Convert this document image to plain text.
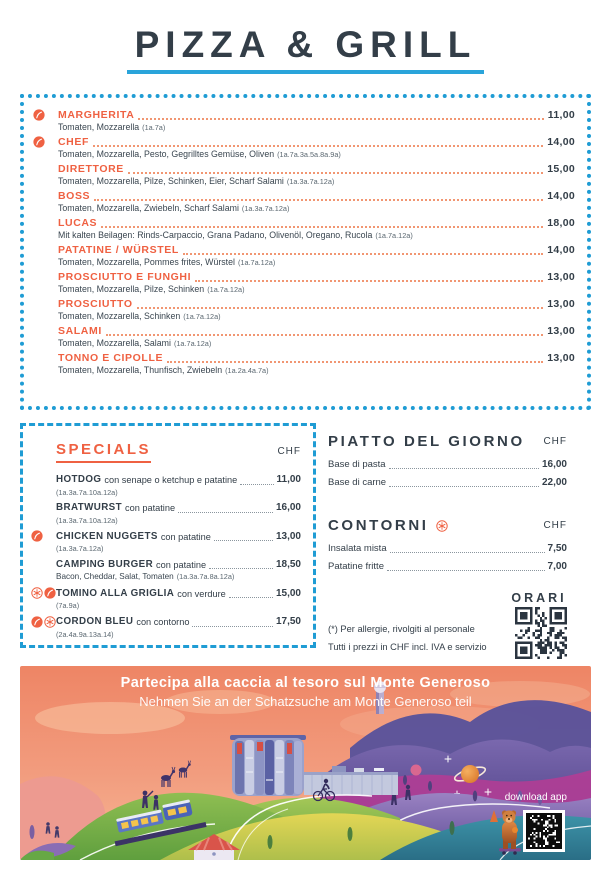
PIZZA & GRILL
MARGHERITA	11,00
Tomaten, Mozzarella (1a.7a)
CHEF	14,00
Tomaten, Mozzarella, Pesto, Gegrilltes Gemüse, Oliven (1a.7a.3a.5a.8a.9a)
DIRETTORE	15,00
Tomaten, Mozzarella, Pilze, Schinken, Eier, Scharf Salami (1a.3a.7a.12a)
BOSS	14,00
Tomaten, Mozzarella, Zwiebeln, Scharf Salami (1a.3a.7a.12a)
LUCAS	18,00
Mit kalten Beilagen: Rinds-Carpaccio, Grana Padano, Olivenöl, Oregano, Rucola (1a.7a.12a)
PATATINE / WÜRSTEL	14,00
Tomaten, Mozzarella, Pommes frites, Würstel (1a.7a.12a)
PROSCIUTTO E FUNGHI	13,00
Tomaten, Mozzarella, Pilze, Schinken (1a.7a.12a)
PROSCIUTTO	13,00
Tomaten, Mozzarella, Schinken (1a.7a.12a)
SALAMI	13,00
Tomaten, Mozzarella, Salami (1a.7a.12a)
TONNO E CIPOLLE	13,00
Tomaten, Mozzarella, Thunfisch, Zwiebeln (1a.2a.4a.7a)
SPECIALS	CHF
HOTDOG con senape o ketchup e patatine	11,00
(1a.3a.7a.10a.12a)
BRATWURST con patatine	16,00
(1a.3a.7a.10a.12a)
CHICKEN NUGGETS con patatine	13,00
(1a.3a.7a.12a)
CAMPING BURGER con patatine	18,50
Bacon, Cheddar, Salat, Tomaten (1a.3a.7a.8a.12a)
TOMINO ALLA GRIGLIA con verdure	15,00
(7a.9a)
CORDON BLEU con contorno	17,50
(2a.4a.9a.13a.14)
PIATTO DEL GIORNO CHF
Base di pasta	16,00
Base di carne	22,00
CONTORNI	CHF
Insalata mista	7,50
Patatine fritte	7,00
(*) Per allergie, rivolgiti al personale
Tutti i prezzi in CHF incl. IVA e servizio
ORARI
Partecipa alla caccia al tesoro sul Monte Generoso
Nehmen Sie an der Schatzsuche am Monte Generoso teil
download app
